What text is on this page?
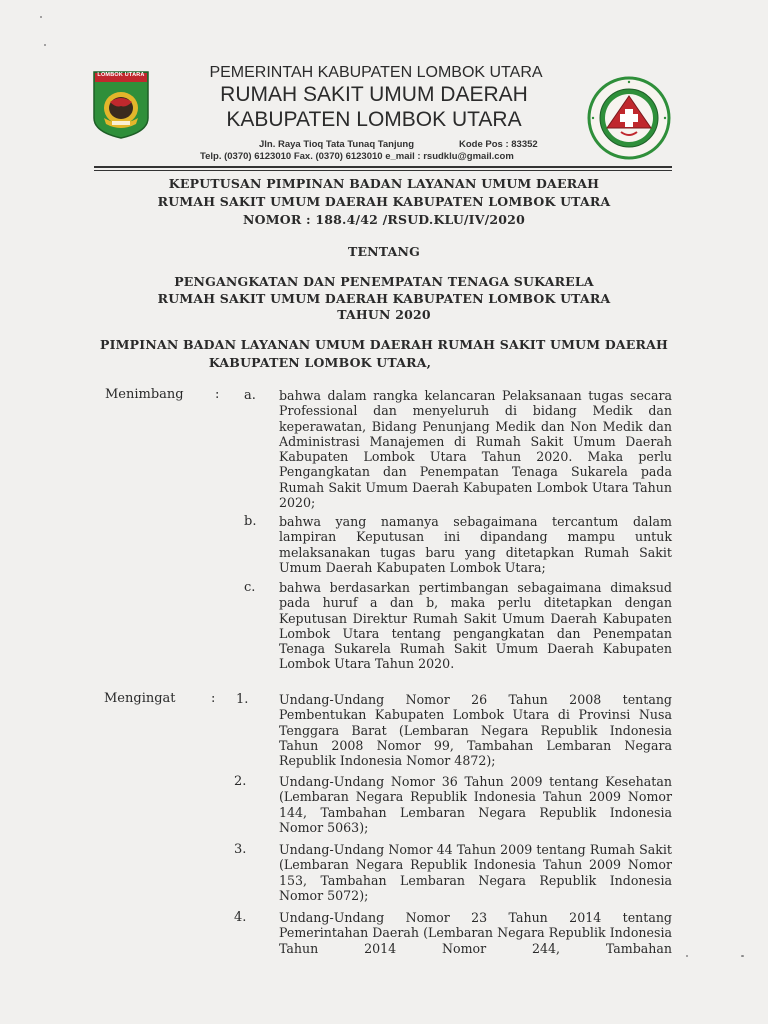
LOMBOK UTARA	PEMERINTAH KABUPATEN LOMBOK UTARA
RUMAH SAKIT UMUM DAERAH
KABUPATEN LOMBOK UTARA
Jln. Raya Tioq Tata Tunaq Tanjung	Kode Pos : 83352
Telp. (0370) 6123010 Fax. (0370) 6123010 e_mail : rsudklu@gmail.com
KEPUTUSAN PIMPINAN BADAN LAYANAN UMUM DAERAH
RUMAH SAKIT UMUM DAERAH KABUPATEN LOMBOK UTARA
NOMOR : 188.4/42 /RSUD.KLU/IV/2020
TENTANG
PENGANGKATAN DAN PENEMPATAN TENAGA SUKARELA
RUMAH SAKIT UMUM DAERAH KABUPATEN LOMBOK UTARA
TAHUN 2020
PIMPINAN BADAN LAYANAN UMUM DAERAH RUMAH SAKIT UMUM DAERAH
KABUPATEN LOMBOK UTARA,
Menimbang : a. bahwa dalam rangka kelancaran Pelaksanaan tugas secara Professional dan menyeluruh di bidang Medik dan keperawatan, Bidang Penunjang Medik dan Non Medik dan Administrasi Manajemen di Rumah Sakit Umum Daerah Kabupaten Lombok Utara Tahun 2020. Maka perlu Pengangkatan dan Penempatan Tenaga Sukarela pada Rumah Sakit Umum Daerah Kabupaten Lombok Utara Tahun 2020;
b. bahwa yang namanya sebagaimana tercantum dalam lampiran Keputusan ini dipandang mampu untuk melaksanakan tugas baru yang ditetapkan Rumah Sakit Umum Daerah Kabupaten Lombok Utara;
c. bahwa berdasarkan pertimbangan sebagaimana dimaksud pada huruf a dan b, maka perlu ditetapkan dengan Keputusan Direktur Rumah Sakit Umum Daerah Kabupaten Lombok Utara tentang pengangkatan dan Penempatan Tenaga Sukarela Rumah Sakit Umum Daerah Kabupaten Lombok Utara Tahun 2020.
Mengingat	: 1. Undang-Undang Nomor 26 Tahun 2008 tentang Pembentukan Kabupaten Lombok Utara di Provinsi Nusa Tenggara Barat (Lembaran Negara Republik Indonesia Tahun 2008 Nomor 99, Tambahan Lembaran Negara Republik Indonesia Nomor 4872);
2.	Undang-Undang Nomor 36 Tahun 2009 tentang Kesehatan (Lembaran Negara Republik Indonesia Tahun 2009 Nomor 144, Tambahan Lembaran Negara Republik Indonesia Nomor 5063);
3.	Undang-Undang Nomor 44 Tahun 2009 tentang Rumah Sakit (Lembaran Negara Republik Indonesia Tahun 2009 Nomor 153, Tambahan Lembaran Negara Republik Indonesia Nomor 5072);
4.	Undang-Undang Nomor 23 Tahun 2014 tentang Pemerintahan Daerah (Lembaran Negara Republik Indonesia Tahun 2014 Nomor 244, Tambahan
